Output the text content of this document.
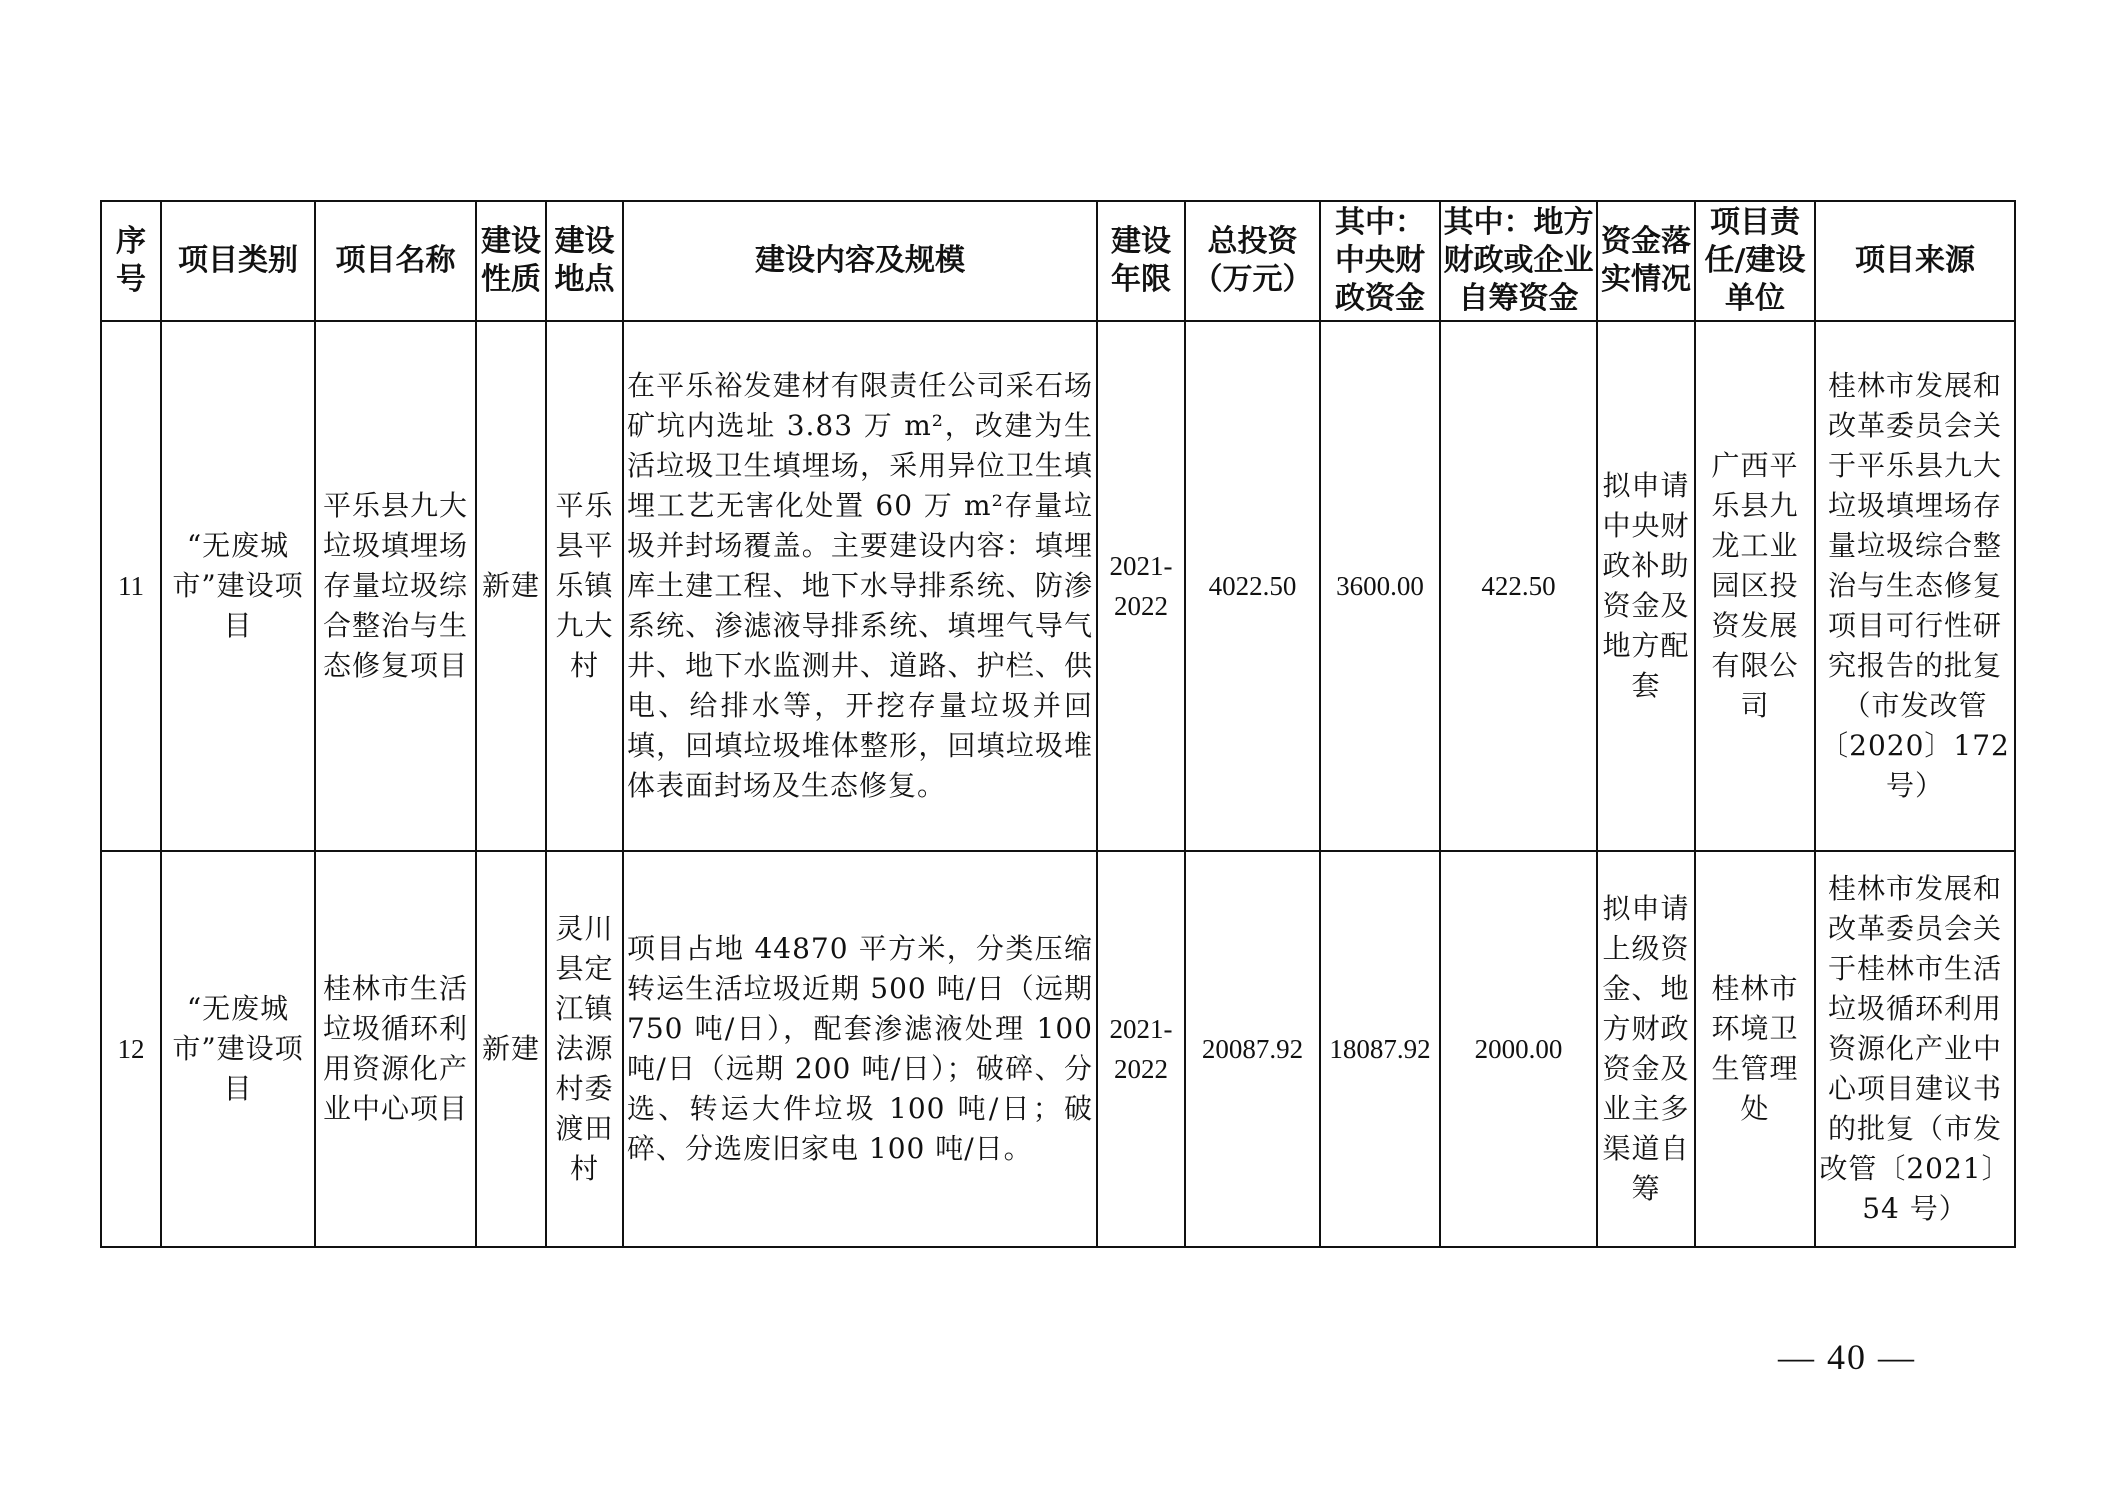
序号	项目类别	项目名称	建设性质	建设地点	建设内容及规模	建设年限	总投资（万元）	其中：中央财政资金	其中：地方财政或企业自筹资金	资金落实情况	项目责任/建设单位	项目来源
11	“无废城市”建设项目	平乐县九大垃圾填埋场存量垃圾综合整治与生态修复项目	新建	平乐县平乐镇九大村	在平乐裕发建材有限责任公司采石场矿坑内选址 3.83 万 m²，改建为生活垃圾卫生填埋场，采用异位卫生填埋工艺无害化处置 60 万 m²存量垃圾并封场覆盖。主要建设内容：填埋库土建工程、地下水导排系统、防渗系统、渗滤液导排系统、填埋气导气井、地下水监测井、道路、护栏、供电、给排水等，开挖存量垃圾并回填，回填垃圾堆体整形，回填垃圾堆体表面封场及生态修复。	2021-2022	4022.50	3600.00	422.50	拟申请中央财政补助资金及地方配套	广西平乐县九龙工业园区投资发展有限公司	桂林市发展和改革委员会关于平乐县九大垃圾填埋场存量垃圾综合整治与生态修复项目可行性研究报告的批复（市发改管〔2020〕172 号）
12	“无废城市”建设项目	桂林市生活垃圾循环利用资源化产业中心项目	新建	灵川县定江镇法源村委渡田村	项目占地 44870 平方米，分类压缩转运生活垃圾近期 500 吨/日（远期 750 吨/日），配套渗滤液处理 100 吨/日（远期 200 吨/日）；破碎、分选、转运大件垃圾 100 吨/日；破碎、分选废旧家电 100 吨/日。	2021-2022	20087.92	18087.92	2000.00	拟申请上级资金、地方财政资金及业主多渠道自筹	桂林市环境卫生管理处	桂林市发展和改革委员会关于桂林市生活垃圾循环利用资源化产业中心项目建议书的批复（市发改管〔2021〕54 号）
— 40 —
